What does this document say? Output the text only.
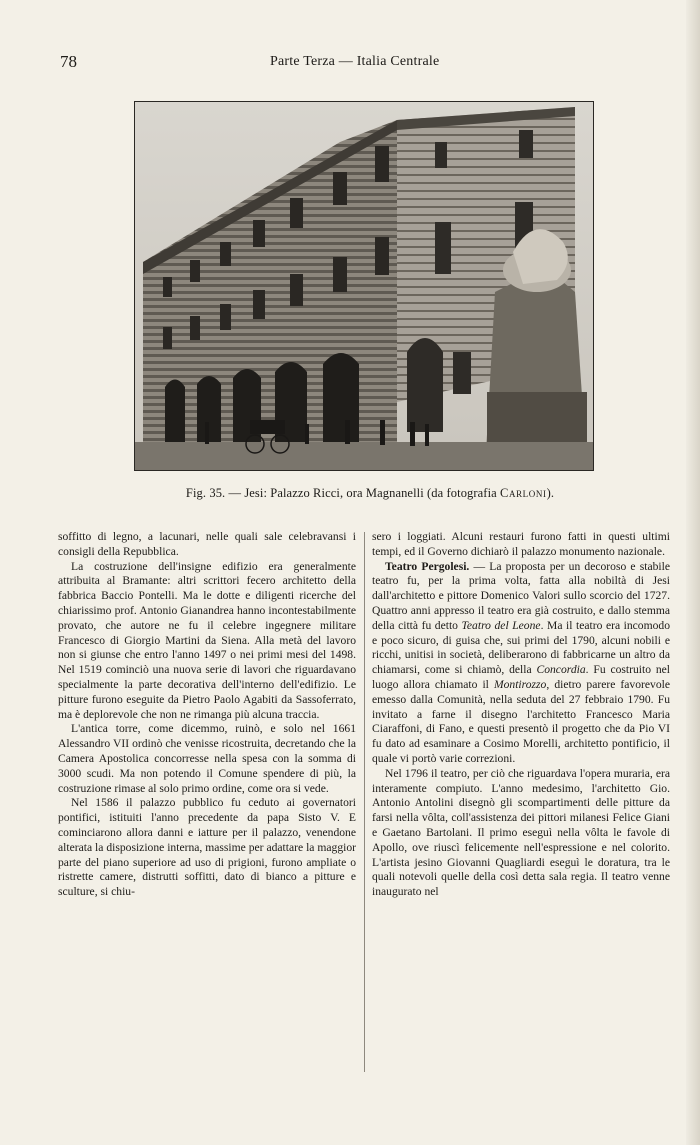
78	Parte Terza — Italia Centrale
Fig. 35. — Jesi: Palazzo Ricci, ora Magnanelli (da fotografia Carloni).

soffitto di legno, a lacunari, nelle quali sale celebravansi i consigli della Repubblica.

La costruzione dell'insigne edifizio era generalmente attribuita al Bramante: altri scrittori fecero architetto della fabbrica Baccio Pontelli. Ma le dotte e diligenti ricerche del chiarissimo prof. Antonio Gianandrea hanno incontestabilmente provato, che autore ne fu il celebre ingegnere militare Francesco di Giorgio Martini da Siena. Alla metà del lavoro non si giunse che entro l'anno 1497 o nei primi mesi del 1498. Nel 1519 cominciò una nuova serie di lavori che riguardavano specialmente la parte decorativa dell'interno dell'edifizio. Le pitture furono eseguite da Pietro Paolo Agabiti da Sassoferrato, ma è deplorevole che non ne rimanga più alcuna traccia.

L'antica torre, come dicemmo, ruinò, e solo nel 1661 Alessandro VII ordinò che venisse ricostruita, decretando che la Camera Apostolica concorresse nella spesa con la somma di 3000 scudi. Ma non potendo il Comune spendere di più, la costruzione rimase al solo primo ordine, come ora si vede.

Nel 1586 il palazzo pubblico fu ceduto ai governatori pontifici, istituiti l'anno precedente da papa Sisto V. E cominciarono allora danni e iatture per il palazzo, venendone alterata la disposizione interna, massime per adattare la maggior parte del piano superiore ad uso di prigioni, furono ampliate o ristrette camere, distrutti soffitti, dato di bianco a pitture e sculture, si chiu-

sero i loggiati. Alcuni restauri furono fatti in questi ultimi tempi, ed il Governo dichiarò il palazzo monumento nazionale.

Teatro Pergolesi. — La proposta per un decoroso e stabile teatro fu, per la prima volta, fatta alla nobiltà di Jesi dall'architetto e pittore Domenico Valori sullo scorcio del 1727. Quattro anni appresso il teatro era già costruito, e dallo stemma della città fu detto Teatro del Leone. Ma il teatro era incomodo e poco sicuro, di guisa che, sui primi del 1790, alcuni nobili e ricchi, unitisi in società, deliberarono di fabbricarne un altro da chiamarsi, come si chiamò, della Concordia. Fu costruito nel luogo allora chiamato il Montirozzo, dietro parere favorevole emesso dalla Comunità, nella seduta del 27 febbraio 1790. Fu invitato a farne il disegno l'architetto Francesco Maria Ciaraffoni, di Fano, e questi presentò il progetto che da Pio VI fu dato ad esaminare a Cosimo Morelli, architetto pontificio, il quale vi portò varie correzioni.

Nel 1796 il teatro, per ciò che riguardava l'opera muraria, era interamente compiuto. L'anno medesimo, l'architetto Gio. Antonio Antolini disegnò gli scompartimenti delle pitture da farsi nella vôlta, coll'assistenza dei pittori milanesi Felice Giani e Gaetano Bartolani. Il primo eseguì nella vôlta le favole di Apollo, ove riuscì felicemente nell'espressione e nel colorito. L'artista jesino Giovanni Quagliardi eseguì le doratura, tra le quali notevoli quelle della così detta sala regia. Il teatro venne inaugurato nel
